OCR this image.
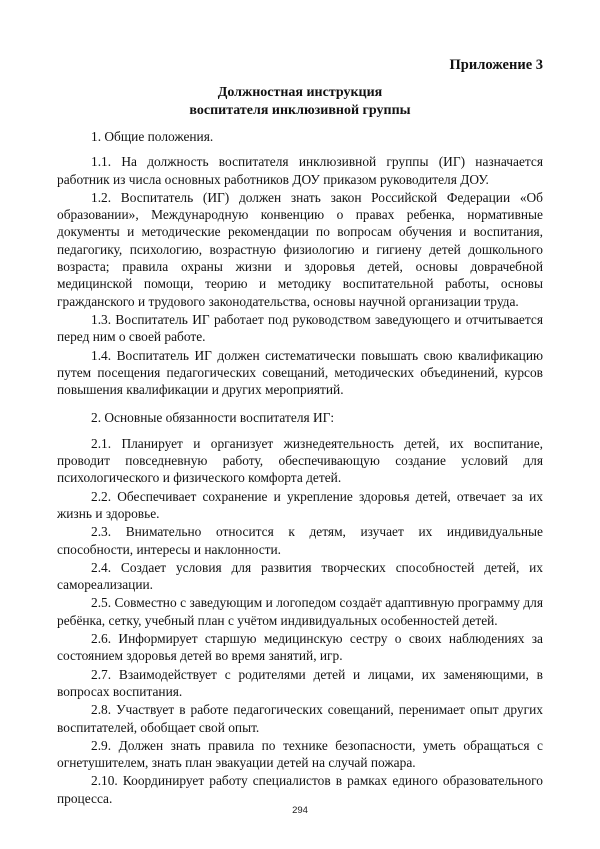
Приложение 3
Должностная инструкция
воспитателя инклюзивной группы

1. Общие положения.

1.1. На должность воспитателя инклюзивной группы (ИГ) назначается работник из числа основных работников ДОУ приказом руководителя ДОУ.

1.2. Воспитатель (ИГ) должен знать закон Российской Федерации «Об образовании», Международную конвенцию о правах ребенка, нормативные документы и методические рекомендации по вопросам обучения и воспитания, педагогику, психологию, возрастную физиологию и гигиену детей дошкольного возраста; правила охраны жизни и здоровья детей, основы доврачебной медицинской помощи, теорию и методику воспитательной работы, основы гражданского и трудового законодательства, основы научной организации труда.

1.3. Воспитатель ИГ работает под руководством заведующего и отчитывается перед ним о своей работе.

1.4. Воспитатель ИГ должен систематически повышать свою квалификацию путем посещения педагогических совещаний, методических объединений, курсов повышения квалификации и других мероприятий.

2. Основные обязанности воспитателя ИГ:

2.1. Планирует и организует жизнедеятельность детей, их воспитание, проводит повседневную работу, обеспечивающую создание условий для психологического и физического комфорта детей.

2.2. Обеспечивает сохранение и укрепление здоровья детей, отвечает за их жизнь и здоровье.

2.3. Внимательно относится к детям, изучает их индивидуальные способности, интересы и наклонности.

2.4. Создает условия для развития творческих способностей детей, их самореализации.

2.5. Совместно с заведующим и логопедом создаёт адаптивную программу для ребёнка, сетку, учебный план с учётом индивидуальных особенностей детей.

2.6. Информирует старшую медицинскую сестру о своих наблюдениях за состоянием здоровья детей во время занятий, игр.

2.7. Взаимодействует с родителями детей и лицами, их заменяющими, в вопросах воспитания.

2.8. Участвует в работе педагогических совещаний, перенимает опыт других воспитателей, обобщает свой опыт.

2.9. Должен знать правила по технике безопасности, уметь обращаться с огнетушителем, знать план эвакуации детей на случай пожара.

2.10. Координирует работу специалистов в рамках единого образовательного процесса.

294
